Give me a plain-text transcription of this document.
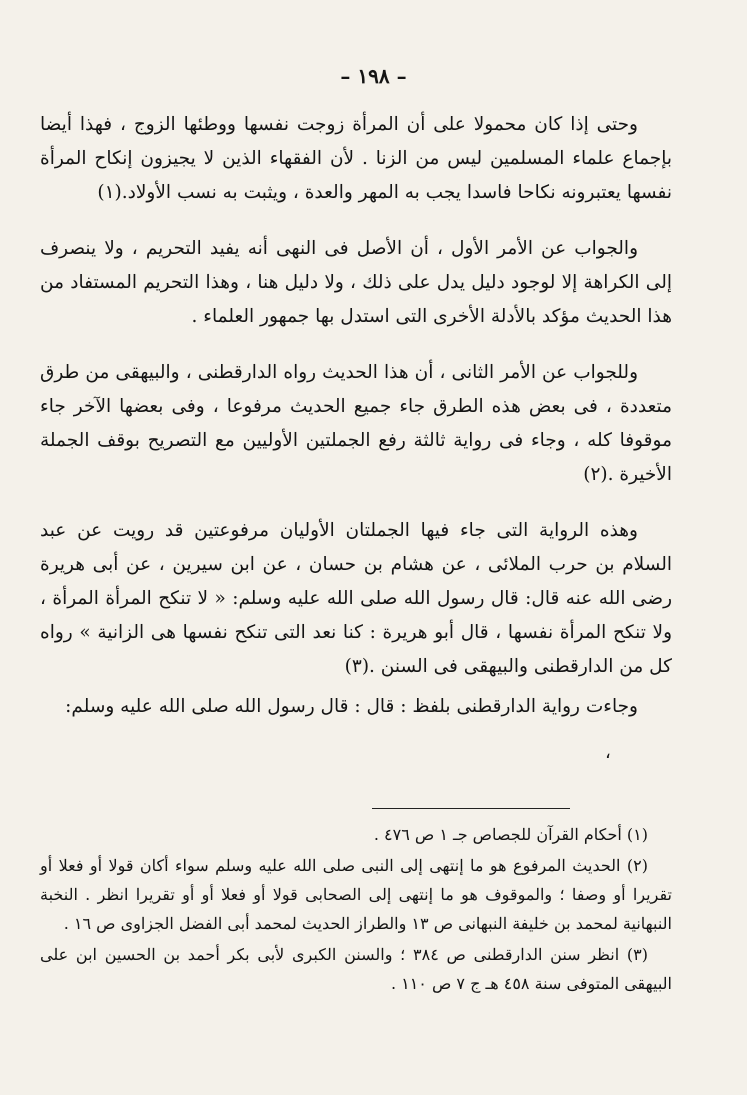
– ١٩٨ –

وحتى إذا كان محمولا على أن المرأة زوجت نفسها ووطئها الزوج ، فهذا أيضا بإجماع علماء المسلمين ليس من الزنا . لأن الفقهاء الذين لا يجيزون إنكاح المرأة نفسها يعتبرونه نكاحا فاسدا يجب به المهر والعدة ، ويثبت به نسب الأولاد.(١)

والجواب عن الأمر الأول ، أن الأصل فى النهى أنه يفيد التحريم ، ولا ينصرف إلى الكراهة إلا لوجود دليل يدل على ذلك ، ولا دليل هنا ، وهذا التحريم المستفاد من هذا الحديث مؤكد بالأدلة الأخرى التى استدل بها جمهور العلماء .

وللجواب عن الأمر الثانى ، أن هذا الحديث رواه الدارقطنى ، والبيهقى من طرق متعددة ، فى بعض هذه الطرق جاء جميع الحديث مرفوعا ، وفى بعضها الآخر جاء موقوفا كله ، وجاء فى رواية ثالثة رفع الجملتين الأوليين مع التصريح بوقف الجملة الأخيرة .(٢)

وهذه الرواية التى جاء فيها الجملتان الأوليان مرفوعتين قد رويت عن عبد السلام بن حرب الملائى ، عن هشام بن حسان ، عن ابن سيرين ، عن أبى هريرة رضى الله عنه قال: قال رسول الله صلى الله عليه وسلم: « لا تنكح المرأة المرأة ، ولا تنكح المرأة نفسها ، قال أبو هريرة : كنا نعد التى تنكح نفسها هى الزانية » رواه كل من الدارقطنى والبيهقى فى السنن .(٣)

وجاءت رواية الدارقطنى بلفظ : قال : قال رسول الله صلى الله عليه وسلم:

،

(١) أحكام القرآن للجصاص جـ ١ ص ٤٧٦ .

(٢) الحديث المرفوع هو ما إنتهى إلى النبى صلى الله عليه وسلم سواء أكان قولا أو فعلا أو تقريرا أو وصفا ؛ والموقوف هو ما إنتهى إلى الصحابى قولا أو فعلا أو أو تقريرا انظر . النخبة النبهانية لمحمد بن خليفة النبهانى ص ١٣ والطراز الحديث لمحمد أبى الفضل الجزاوى ص ١٦ .

(٣) انظر سنن الدارقطنى ص ٣٨٤ ؛ والسنن الكبرى لأبى بكر أحمد بن الحسين ابن على البيهقى المتوفى سنة ٤٥٨ هـ ج ٧ ص ١١٠ .
